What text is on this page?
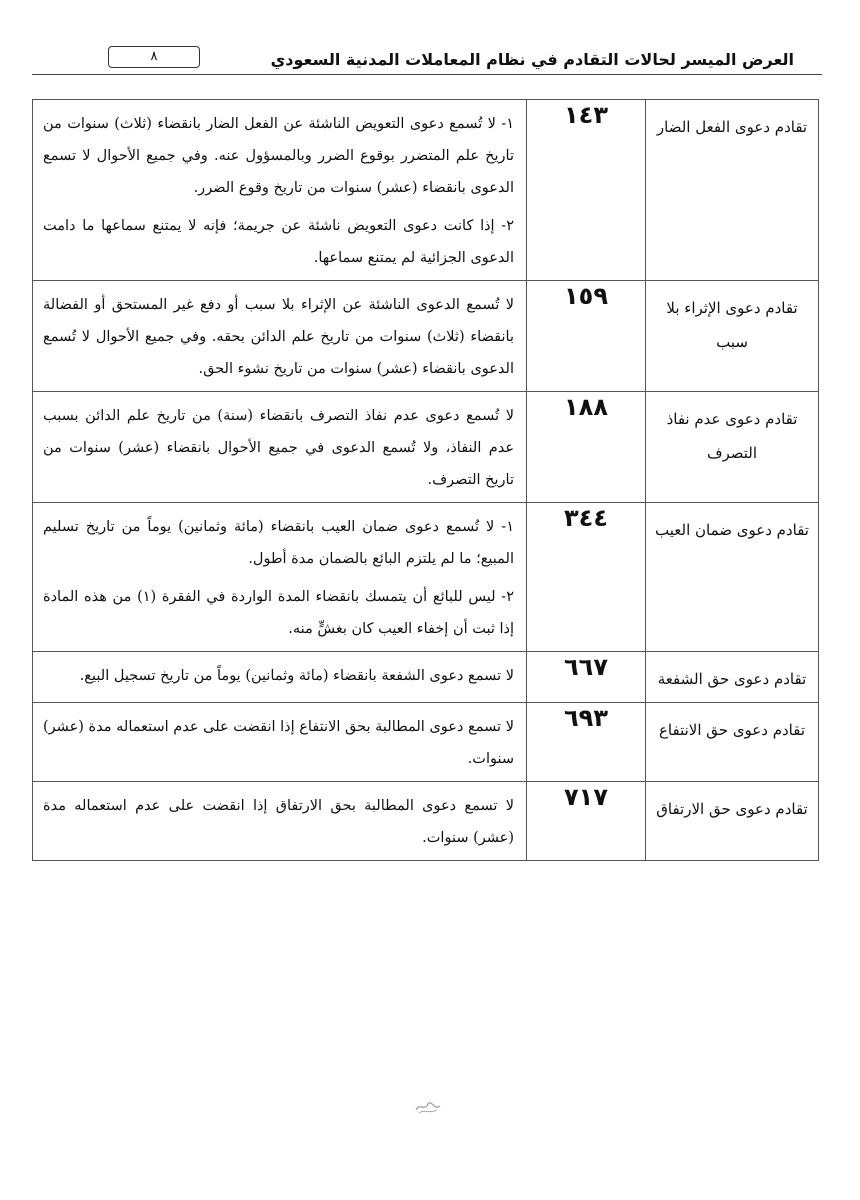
العرض الميسر لحالات التقادم في نظام المعاملات المدنية السعودي
٨
تقادم دعوى الفعل الضار	١٤٣	١- لا تُسمع دعوى التعويض الناشئة عن الفعل الضار بانقضاء (ثلاث) سنوات من تاريخ علم المتضرر بوقوع الضرر وبالمسؤول عنه. وفي جميع الأحوال لا تسمع الدعوى بانقضاء (عشر) سنوات من تاريخ وقوع الضرر.

٢- إذا كانت دعوى التعويض ناشئة عن جريمة؛ فإنه لا يمتنع سماعها ما دامت الدعوى الجزائية لم يمتنع سماعها.

تقادم دعوى الإثراء بلا سبب	١٥٩	لا تُسمع الدعوى الناشئة عن الإثراء بلا سبب أو دفع غير المستحق أو الفضالة بانقضاء (ثلاث) سنوات من تاريخ علم الدائن بحقه. وفي جميع الأحوال لا تُسمع الدعوى بانقضاء (عشر) سنوات من تاريخ نشوء الحق.

تقادم دعوى عدم نفاذ التصرف	١٨٨	لا تُسمع دعوى عدم نفاذ التصرف بانقضاء (سنة) من تاريخ علم الدائن بسبب عدم النفاذ، ولا تُسمع الدعوى في جميع الأحوال بانقضاء (عشر) سنوات من تاريخ التصرف.

تقادم دعوى ضمان العيب	٣٤٤	١- لا تُسمع دعوى ضمان العيب بانقضاء (مائة وثمانين) يوماً من تاريخ تسليم المبيع؛ ما لم يلتزم البائع بالضمان مدة أطول.

٢- ليس للبائع أن يتمسك بانقضاء المدة الواردة في الفقرة (١) من هذه المادة إذا ثبت أن إخفاء العيب كان بغشٍّ منه.

تقادم دعوى حق الشفعة	٦٦٧	لا تسمع دعوى الشفعة بانقضاء (مائة وثمانين) يوماً من تاريخ تسجيل البيع.

تقادم دعوى حق الانتفاع	٦٩٣	لا تسمع دعوى المطالبة بحق الانتفاع إذا انقضت على عدم استعماله مدة (عشر) سنوات.

تقادم دعوى حق الارتفاق	٧١٧	لا تسمع دعوى المطالبة بحق الارتفاق إذا انقضت على عدم استعماله مدة (عشر) سنوات.
